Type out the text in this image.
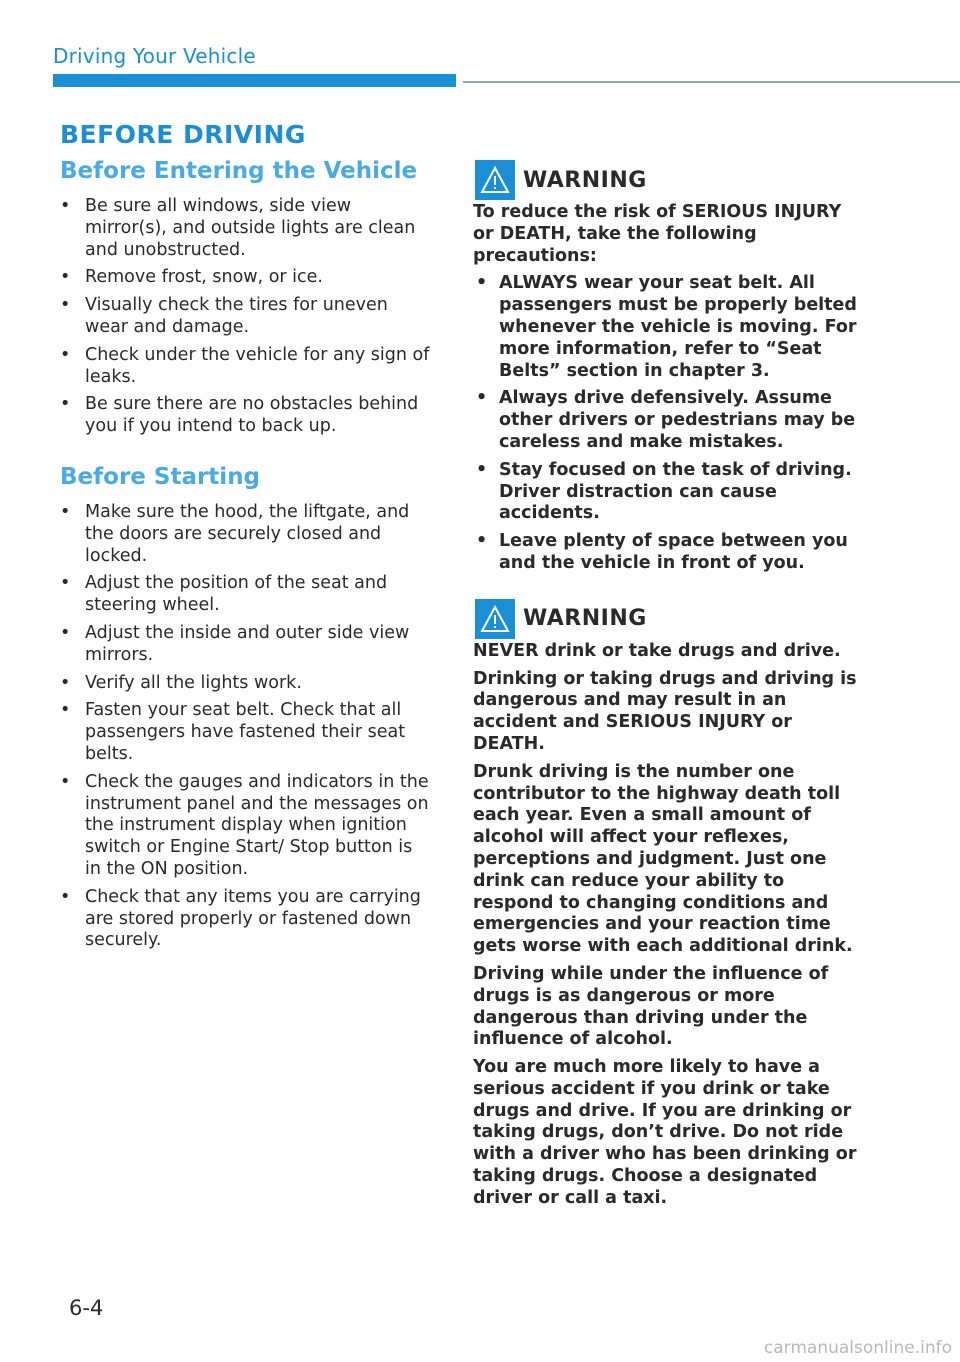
Driving Your Vehicle
BEFORE DRIVING
Before Entering the Vehicle
• Be sure all windows, side view mirror(s), and outside lights are clean and unobstructed.
• Remove frost, snow, or ice.
• Visually check the tires for uneven wear and damage.
• Check under the vehicle for any sign of leaks.
• Be sure there are no obstacles behind you if you intend to back up.
Before Starting
• Make sure the hood, the liftgate, and the doors are securely closed and locked.
• Adjust the position of the seat and steering wheel.
• Adjust the inside and outer side view mirrors.
• Verify all the lights work.
• Fasten your seat belt. Check that all passengers have fastened their seat belts.
• Check the gauges and indicators in the instrument panel and the messages on the instrument display when ignition switch or Engine Start/ Stop button is in the ON position.
• Check that any items you are carrying are stored properly or fastened down securely.
WARNING

To reduce the risk of SERIOUS INJURY or DEATH, take the following precautions:

• ALWAYS wear your seat belt. All passengers must be properly belted whenever the vehicle is moving. For more information, refer to “Seat Belts” section in chapter 3.
• Always drive defensively. Assume other drivers or pedestrians may be careless and make mistakes.
• Stay focused on the task of driving. Driver distraction can cause accidents.
• Leave plenty of space between you and the vehicle in front of you.
WARNING

NEVER drink or take drugs and drive.

Drinking or taking drugs and driving is dangerous and may result in an accident and SERIOUS INJURY or DEATH.

Drunk driving is the number one contributor to the highway death toll each year. Even a small amount of alcohol will affect your reflexes, perceptions and judgment. Just one drink can reduce your ability to respond to changing conditions and emergencies and your reaction time gets worse with each additional drink.

Driving while under the influence of drugs is as dangerous or more dangerous than driving under the influence of alcohol.

You are much more likely to have a serious accident if you drink or take drugs and drive. If you are drinking or taking drugs, don’t drive. Do not ride with a driver who has been drinking or taking drugs. Choose a designated driver or call a taxi.

6-4
carmanualsonline.info
